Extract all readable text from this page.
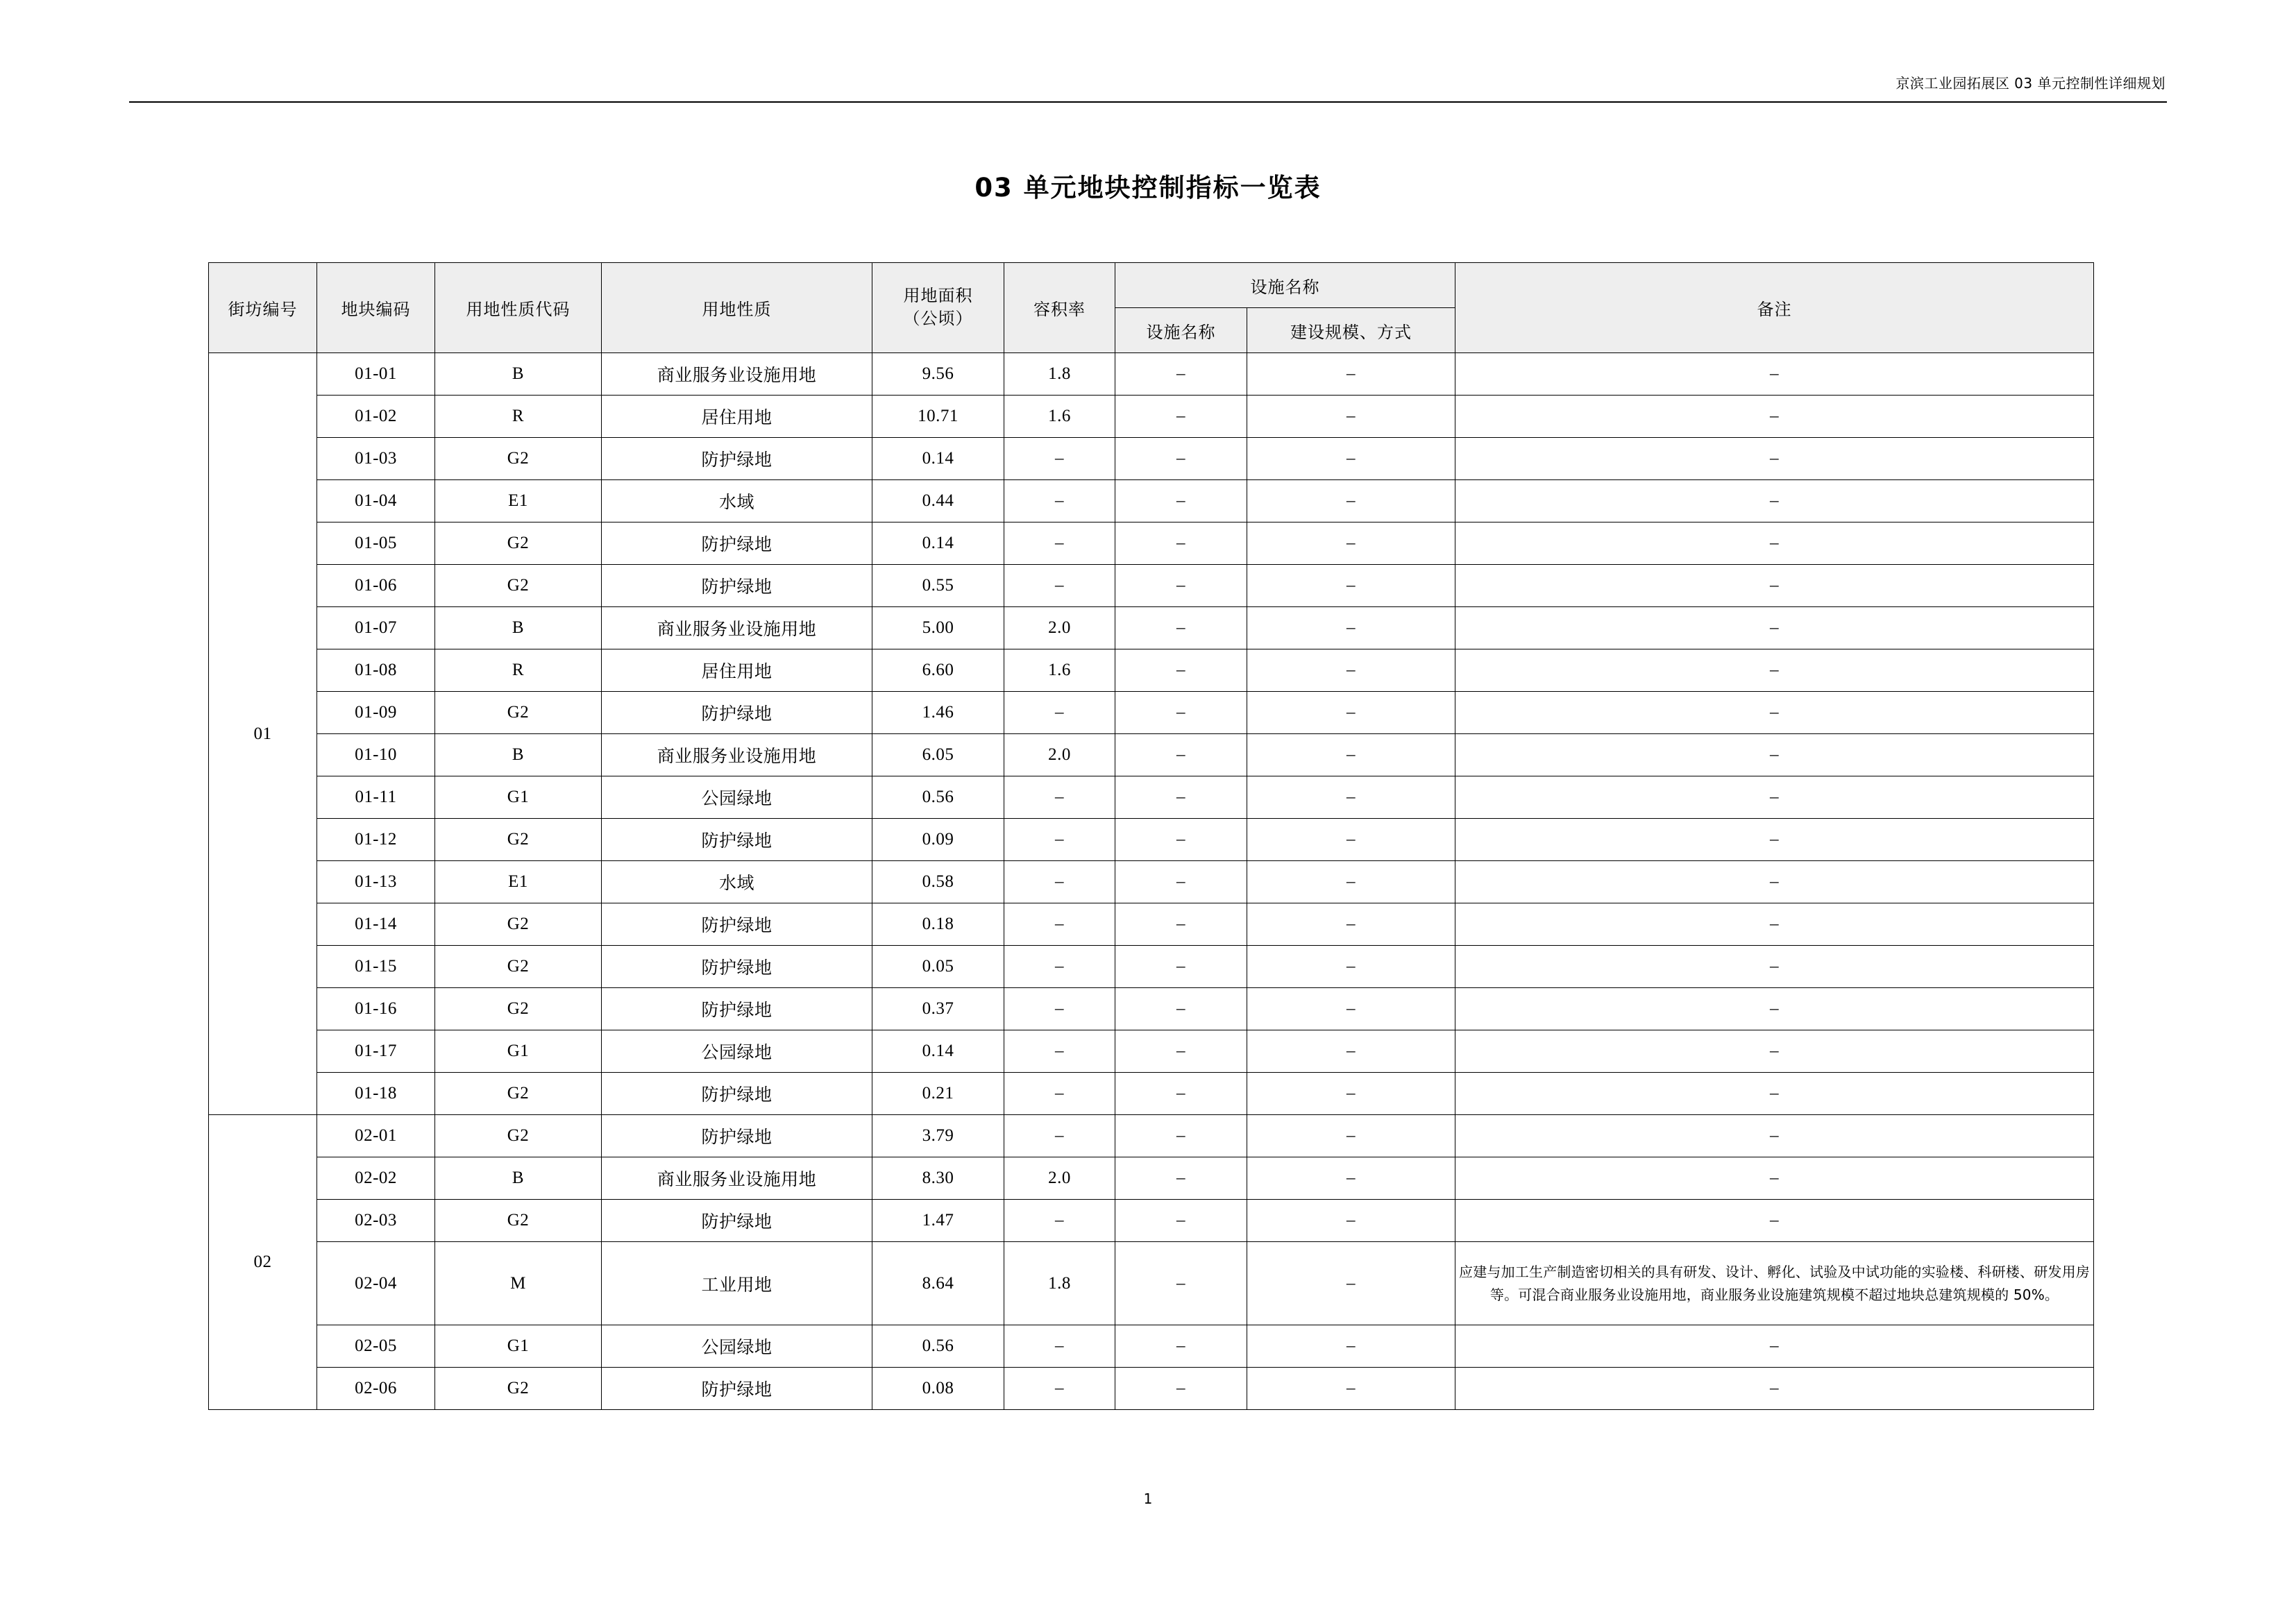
京滨工业园拓展区 03 单元控制性详细规划
03 单元地块控制指标一览表
街坊编号	地块编码	用地性质代码	用地性质	用地面积
（公顷）	容积率	设施名称		备注
						设施名称	建设规模、方式	
01	01-01	B	商业服务业设施用地	9.56	1.8	–	–	–
	01-02	R	居住用地	10.71	1.6	–	–	–
	01-03	G2	防护绿地	0.14	–	–	–	–
	01-04	E1	水域	0.44	–	–	–	–
	01-05	G2	防护绿地	0.14	–	–	–	–
	01-06	G2	防护绿地	0.55	–	–	–	–
	01-07	B	商业服务业设施用地	5.00	2.0	–	–	–
	01-08	R	居住用地	6.60	1.6	–	–	–
	01-09	G2	防护绿地	1.46	–	–	–	–
	01-10	B	商业服务业设施用地	6.05	2.0	–	–	–
	01-11	G1	公园绿地	0.56	–	–	–	–
	01-12	G2	防护绿地	0.09	–	–	–	–
	01-13	E1	水域	0.58	–	–	–	–
	01-14	G2	防护绿地	0.18	–	–	–	–
	01-15	G2	防护绿地	0.05	–	–	–	–
	01-16	G2	防护绿地	0.37	–	–	–	–
	01-17	G1	公园绿地	0.14	–	–	–	–
	01-18	G2	防护绿地	0.21	–	–	–	–
02	02-01	G2	防护绿地	3.79	–	–	–	–
	02-02	B	商业服务业设施用地	8.30	2.0	–	–	–
	02-03	G2	防护绿地	1.47	–	–	–	–
	02-04	M	工业用地	8.64	1.8	–	–	应建与加工生产制造密切相关的具有研发、设计、孵化、试验及中试功能的实验楼、科研楼、研发用房等。可混合商业服务业设施用地，商业服务业设施建筑规模不超过地块总建筑规模的 50%。
	02-05	G1	公园绿地	0.56	–	–	–	–
	02-06	G2	防护绿地	0.08	–	–	–	–
1
